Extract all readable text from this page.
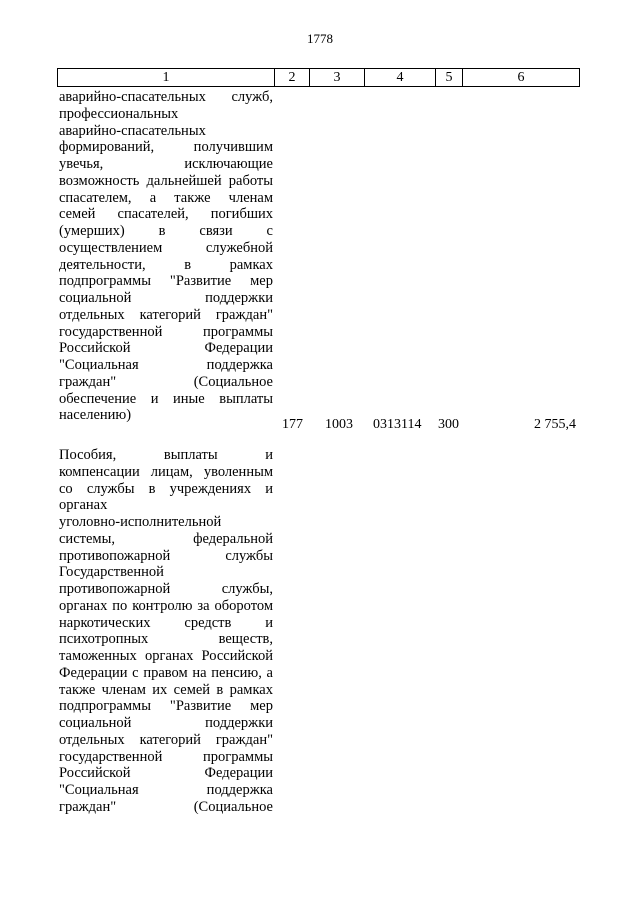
1778
1	2	3	4	5	6
аварийно-спасательных служб,
профессиональных
аварийно-спасательных
формирований, получившим
увечья, исключающие
возможность дальнейшей работы
спасателем, а также членам
семей спасателей, погибших
(умерших) в связи с
осуществлением служебной
деятельности, в рамках
подпрограммы "Развитие мер
социальной поддержки
отдельных категорий граждан"
государственной программы
Российской Федерации
"Социальная поддержка
граждан" (Социальное
обеспечение и иные выплаты
населению)
177 1003 0313114 300	2 755,4
Пособия, выплаты и
компенсации лицам, уволенным
со службы в учреждениях и
органах
уголовно-исполнительной
системы, федеральной
противопожарной службы
Государственной
противопожарной службы,
органах по контролю за оборотом
наркотических средств и
психотропных веществ,
таможенных органах Российской
Федерации с правом на пенсию, а
также членам их семей в рамках
подпрограммы "Развитие мер
социальной поддержки
отдельных категорий граждан"
государственной программы
Российской Федерации
"Социальная поддержка
граждан" (Социальное
